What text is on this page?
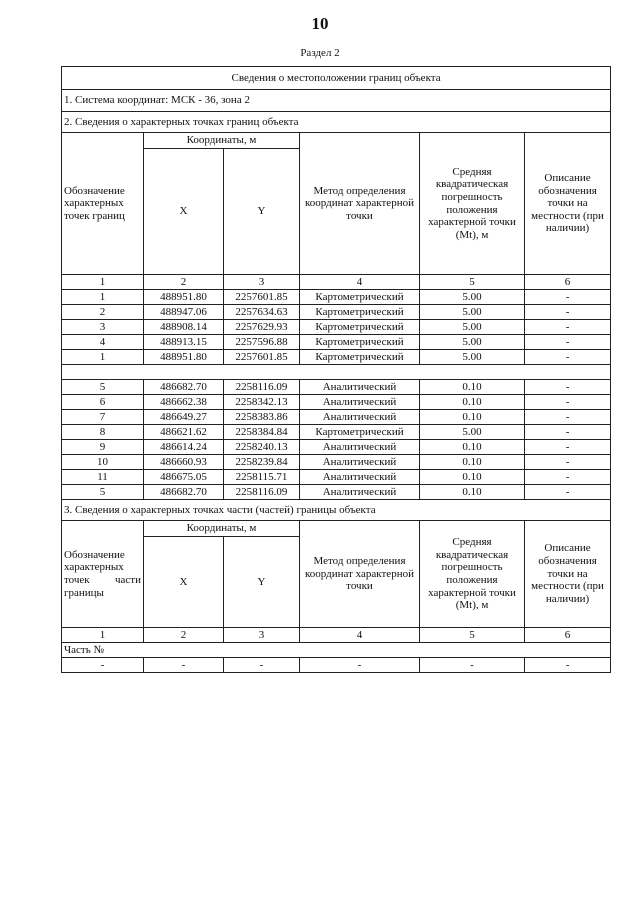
10
Раздел 2
Сведения о местоположении границ объекта					
1. Система координат: МСК - 36, зона 2					
2. Сведения о характерных точках границ объекта					
Обозначение характерных точек границ	Координаты, м		Метод определения координат характерной точки	Средняя квадратическая погрешность положения характерной точки (Mt), м	Описание обозначения точки на местности (при наличии)
	X	Y			
1	2	3	4	5	6
1	488951.80	2257601.85	Картометрический	5.00	-
2	488947.06	2257634.63	Картометрический	5.00	-
3	488908.14	2257629.93	Картометрический	5.00	-
4	488913.15	2257596.88	Картометрический	5.00	-
1	488951.80	2257601.85	Картометрический	5.00	-

5	486682.70	2258116.09	Аналитический	0.10	-
6	486662.38	2258342.13	Аналитический	0.10	-
7	486649.27	2258383.86	Аналитический	0.10	-
8	486621.62	2258384.84	Картометрический	5.00	-
9	486614.24	2258240.13	Аналитический	0.10	-
10	486660.93	2258239.84	Аналитический	0.10	-
11	486675.05	2258115.71	Аналитический	0.10	-
5	486682.70	2258116.09	Аналитический	0.10	-
3. Сведения о характерных точках части (частей) границы объекта					
Обозначение характерных точек части границы	Координаты, м		Метод определения координат характерной точки	Средняя квадратическая погрешность положения характерной точки (Mt), м	Описание обозначения точки на местности (при наличии)
	X	Y			
1	2	3	4	5	6
Часть №					
-	-	-	-	-	-
